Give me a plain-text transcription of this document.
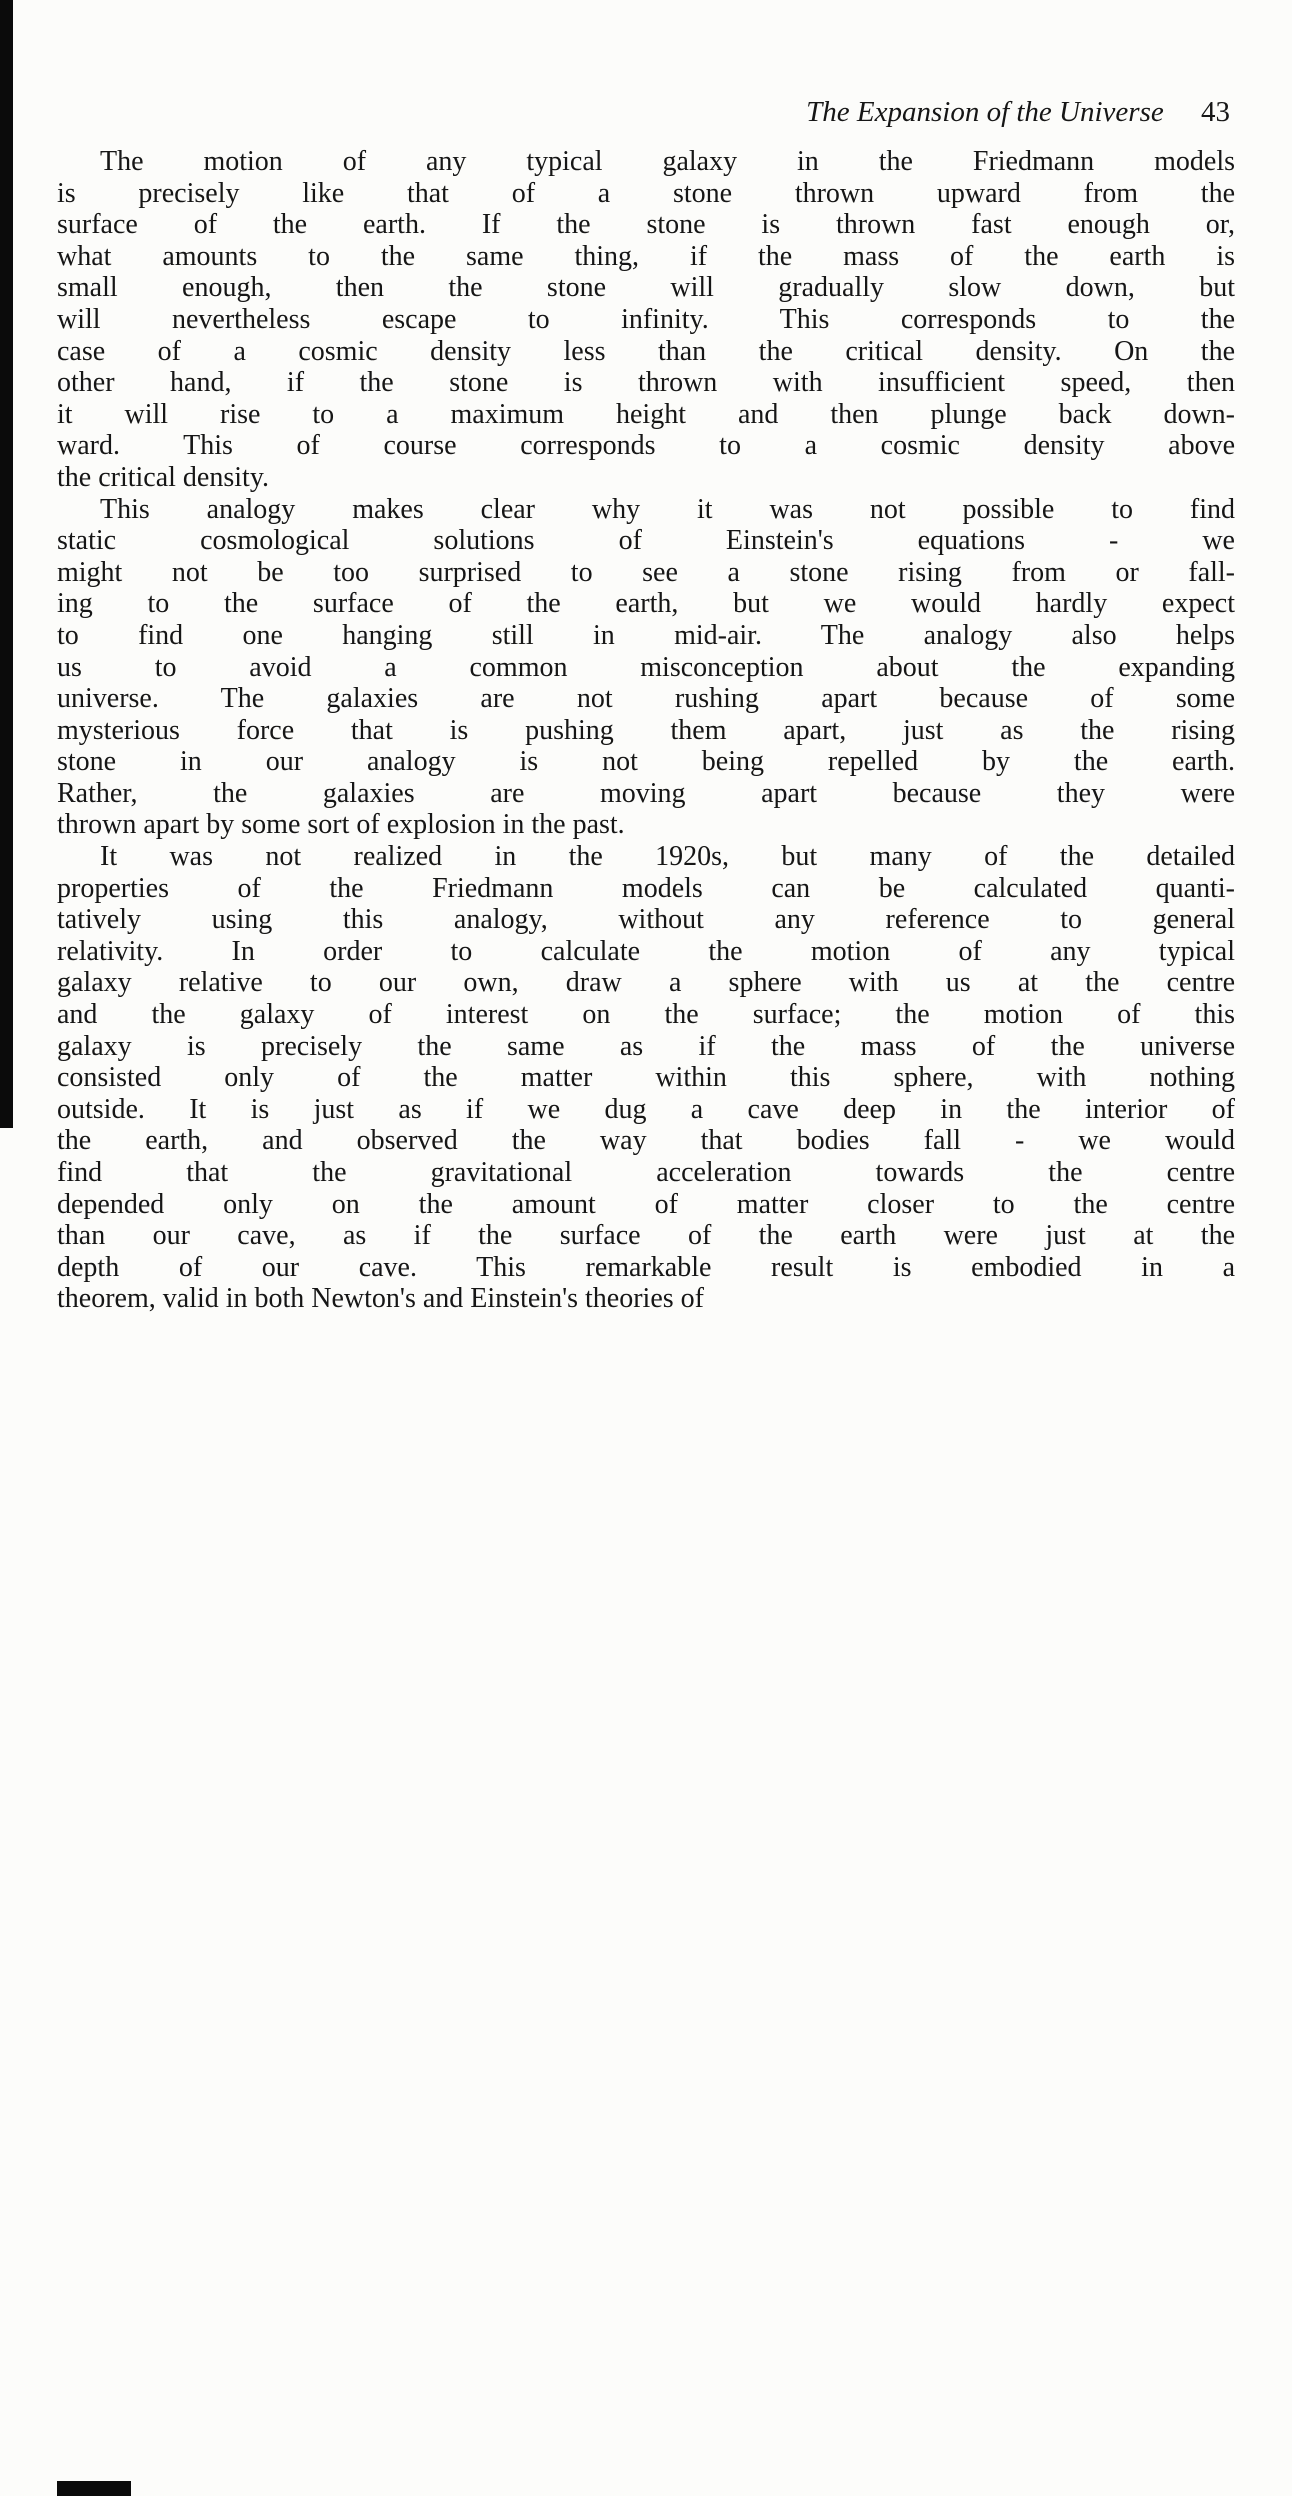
The Expansion of the Universe 43
The motion of any typical galaxy in the Friedmann models
is precisely like that of a stone thrown upward from the
surface of the earth. If the stone is thrown fast enough or,
what amounts to the same thing, if the mass of the earth is
small enough, then the stone will gradually slow down, but
will nevertheless escape to infinity. This corresponds to the
case of a cosmic density less than the critical density. On the
other hand, if the stone is thrown with insufficient speed, then
it will rise to a maximum height and then plunge back down-
ward. This of course corresponds to a cosmic density above
the critical density.
This analogy makes clear why it was not possible to find
static cosmological solutions of Einstein's equations - we
might not be too surprised to see a stone rising from or fall-
ing to the surface of the earth, but we would hardly expect
to find one hanging still in mid-air. The analogy also helps
us to avoid a common misconception about the expanding
universe. The galaxies are not rushing apart because of some
mysterious force that is pushing them apart, just as the rising
stone in our analogy is not being repelled by the earth.
Rather, the galaxies are moving apart because they were
thrown apart by some sort of explosion in the past.
It was not realized in the 1920s, but many of the detailed
properties of the Friedmann models can be calculated quanti-
tatively using this analogy, without any reference to general
relativity. In order to calculate the motion of any typical
galaxy relative to our own, draw a sphere with us at the centre
and the galaxy of interest on the surface; the motion of this
galaxy is precisely the same as if the mass of the universe
consisted only of the matter within this sphere, with nothing
outside. It is just as if we dug a cave deep in the interior of
the earth, and observed the way that bodies fall - we would
find that the gravitational acceleration towards the centre
depended only on the amount of matter closer to the centre
than our cave, as if the surface of the earth were just at the
depth of our cave. This remarkable result is embodied in a
theorem, valid in both Newton's and Einstein's theories of
